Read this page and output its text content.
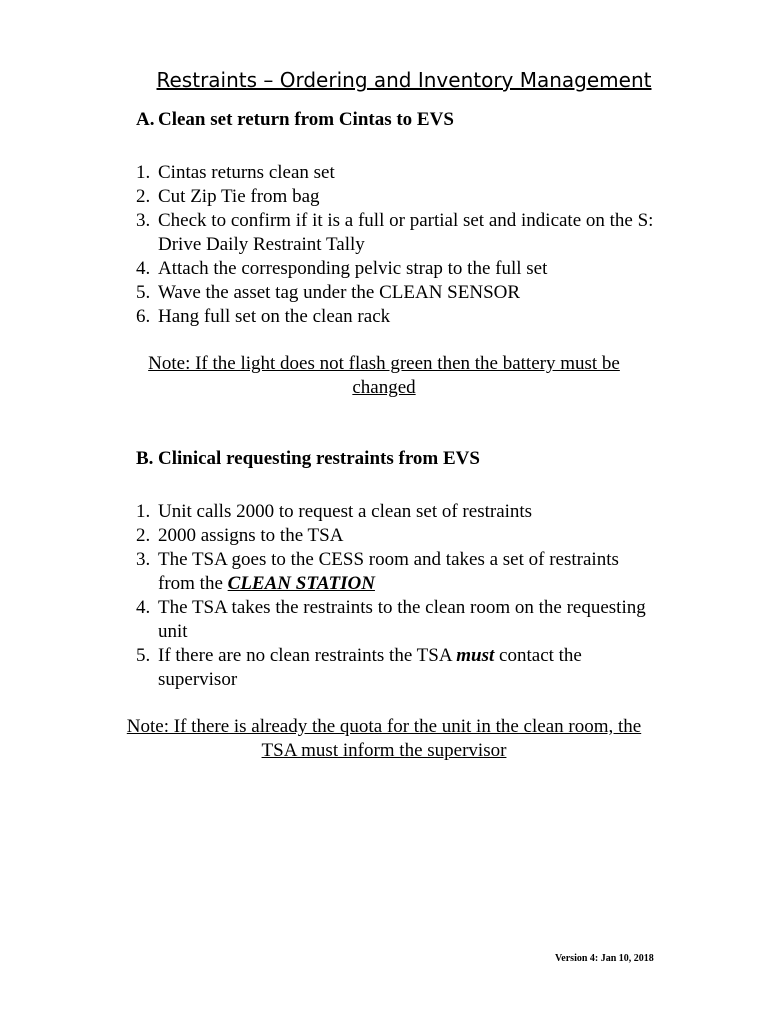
Restraints – Ordering and Inventory Management
A. Clean set return from Cintas to EVS
1. Cintas returns clean set
2. Cut Zip Tie from bag
3. Check to confirm if it is a full or partial set and indicate on the S: Drive Daily Restraint Tally
4. Attach the corresponding pelvic strap to the full set
5. Wave the asset tag under the CLEAN SENSOR
6. Hang full set on the clean rack
Note: If the light does not flash green then the battery must be changed
B. Clinical requesting restraints from EVS
1. Unit calls 2000 to request a clean set of restraints
2. 2000 assigns to the TSA
3. The TSA goes to the CESS room and takes a set of restraints from the CLEAN STATION
4. The TSA takes the restraints to the clean room on the requesting unit
5. If there are no clean restraints the TSA must contact the supervisor
Note: If there is already the quota for the unit in the clean room, the TSA must inform the supervisor
Version 4: Jan 10, 2018
